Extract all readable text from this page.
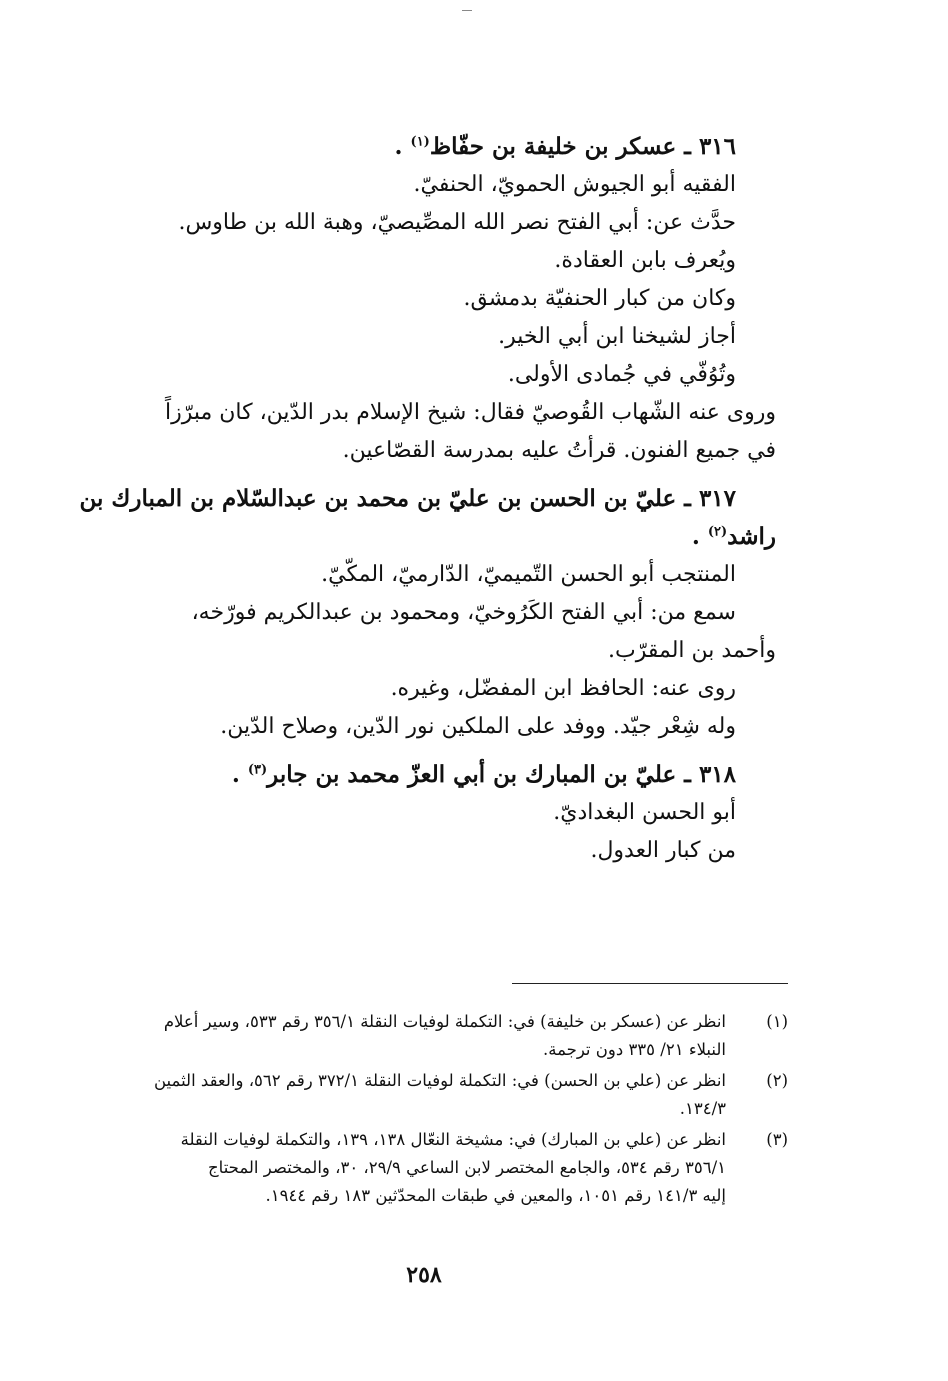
٣١٦ ـ عسكر بن خليفة بن حفّاظ$^{(١)}$ .

الفقيه أبو الجيوش الحمويّ، الحنفيّ.

حدَّث عن: أبي الفتح نصر الله المصِّيصيّ، وهبة الله بن طاوس.

ويُعرف بابن العقادة.

وكان من كبار الحنفيّة بدمشق.

أجاز لشيخنا ابن أبي الخير.

وتُوُفّي في جُمادى الأولى.

وروى عنه الشّهاب القُوصيّ فقال: شيخ الإسلام بدر الدّين، كان مبرّزاً

في جميع الفنون. قرأتُ عليه بمدرسة القصّاعين.

٣١٧ ـ عليّ بن الحسن بن عليّ بن محمد بن عبدالسّلام بن المبارك بن

راشد$^{(٢)}$ .

المنتجب أبو الحسن التّميميّ، الدّارميّ، المكّيّ.

سمع من: أبي الفتح الكَرُوخيّ، ومحمود بن عبدالكريم فورّخه،

وأحمد بن المقرّب.

روى عنه: الحافظ ابن المفضّل، وغيره.

وله شِعْر جيّد. ووفد على الملكين نور الدّين، وصلاح الدّين.

٣١٨ ـ عليّ بن المبارك بن أبي العزّ محمد بن جابر$^{(٣)}$ .

أبو الحسن البغداديّ.

من كبار العدول.

(١)
انظر عن (عسكر بن خليفة) في: التكملة لوفيات النقلة ٣٥٦/١ رقم ٥٣٣، وسير أعلام
النبلاء ٢١/ ٣٣٥ دون ترجمة.
(٢)
انظر عن (علي بن الحسن) في: التكملة لوفيات النقلة ٣٧٢/١ رقم ٥٦٢، والعقد الثمين
١٣٤/٣.
(٣)
انظر عن (علي بن المبارك) في: مشيخة النعّال ١٣٨، ١٣٩، والتكملة لوفيات النقلة
٣٥٦/١ رقم ٥٣٤، والجامع المختصر لابن الساعي ٢٩/٩، ٣٠، والمختصر المحتاج
إليه ١٤١/٣ رقم ١٠٥١، والمعين في طبقات المحدّثين ١٨٣ رقم ١٩٤٤.
٢٥٨
